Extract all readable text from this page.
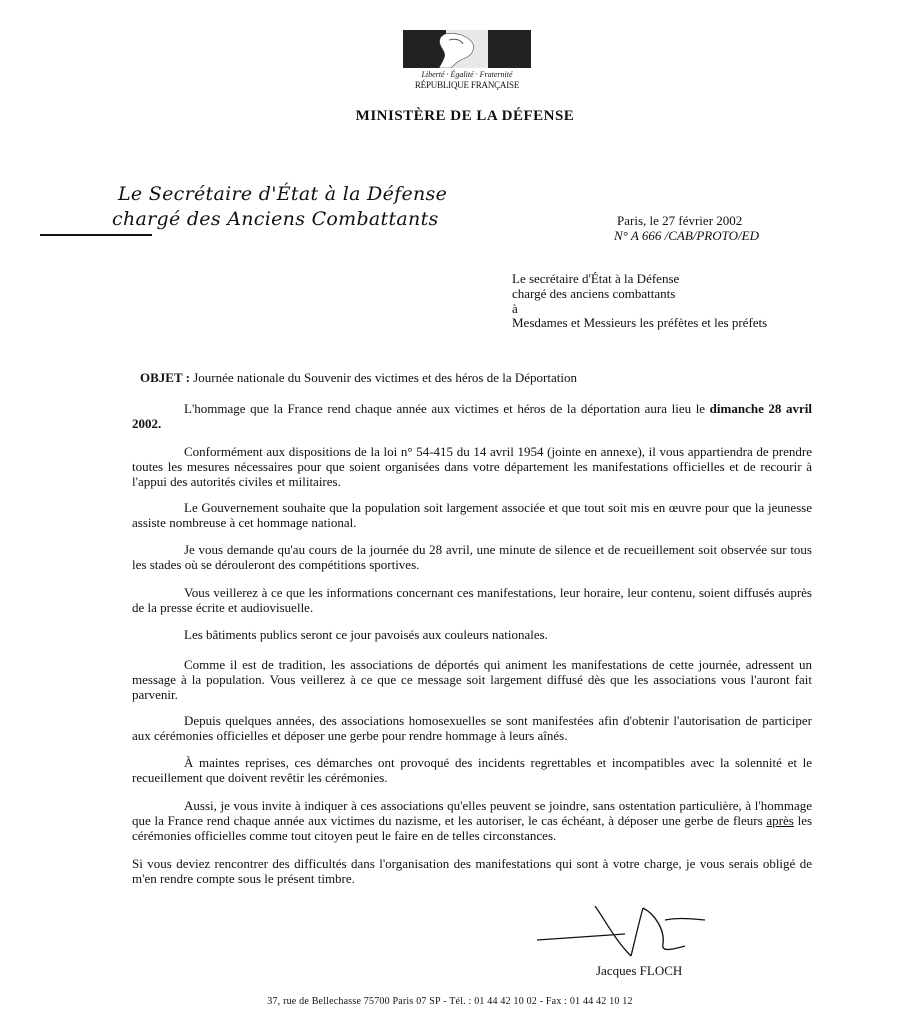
Liberté · Égalité · Fraternité
RÉPUBLIQUE FRANÇAISE
MINISTÈRE DE LA DÉFENSE
Le Secrétaire d'État à la Défense
chargé des Anciens Combattants	Paris, le 27 février 2002
N° A 666 /CAB/PROTO/ED
Le secrétaire d'État à la Défense
chargé des anciens combattants
à
Mesdames et Messieurs les préfètes et les préfets
OBJET : Journée nationale du Souvenir des victimes et des héros de la Déportation
L'hommage que la France rend chaque année aux victimes et héros de la déportation aura lieu le dimanche 28 avril 2002.
Conformément aux dispositions de la loi n° 54-415 du 14 avril 1954 (jointe en annexe), il vous appartiendra de prendre toutes les mesures nécessaires pour que soient organisées dans votre département les manifestations officielles et de recourir à l'appui des autorités civiles et militaires.
Le Gouvernement souhaite que la population soit largement associée et que tout soit mis en œuvre pour que la jeunesse assiste nombreuse à cet hommage national.
Je vous demande qu'au cours de la journée du 28 avril, une minute de silence et de recueillement soit observée sur tous les stades où se dérouleront des compétitions sportives.
Vous veillerez à ce que les informations concernant ces manifestations, leur horaire, leur contenu, soient diffusés auprès de la presse écrite et audiovisuelle.
Les bâtiments publics seront ce jour pavoisés aux couleurs nationales.
Comme il est de tradition, les associations de déportés qui animent les manifestations de cette journée, adressent un message à la population. Vous veillerez à ce que ce message soit largement diffusé dès que les associations vous l'auront fait parvenir.
Depuis quelques années, des associations homosexuelles se sont manifestées afin d'obtenir l'autorisation de participer aux cérémonies officielles et déposer une gerbe pour rendre hommage à leurs aînés.
À maintes reprises, ces démarches ont provoqué des incidents regrettables et incompatibles avec la solennité et le recueillement que doivent revêtir les cérémonies.
Aussi, je vous invite à indiquer à ces associations qu'elles peuvent se joindre, sans ostentation particulière, à l'hommage que la France rend chaque année aux victimes du nazisme, et les autoriser, le cas échéant, à déposer une gerbe de fleurs après les cérémonies officielles comme tout citoyen peut le faire en de telles circonstances.
Si vous deviez rencontrer des difficultés dans l'organisation des manifestations qui sont à votre charge, je vous serais obligé de m'en rendre compte sous le présent timbre.
Jacques FLOCH
37, rue de Bellechasse 75700 Paris 07 SP - Tél. : 01 44 42 10 02 - Fax : 01 44 42 10 12
